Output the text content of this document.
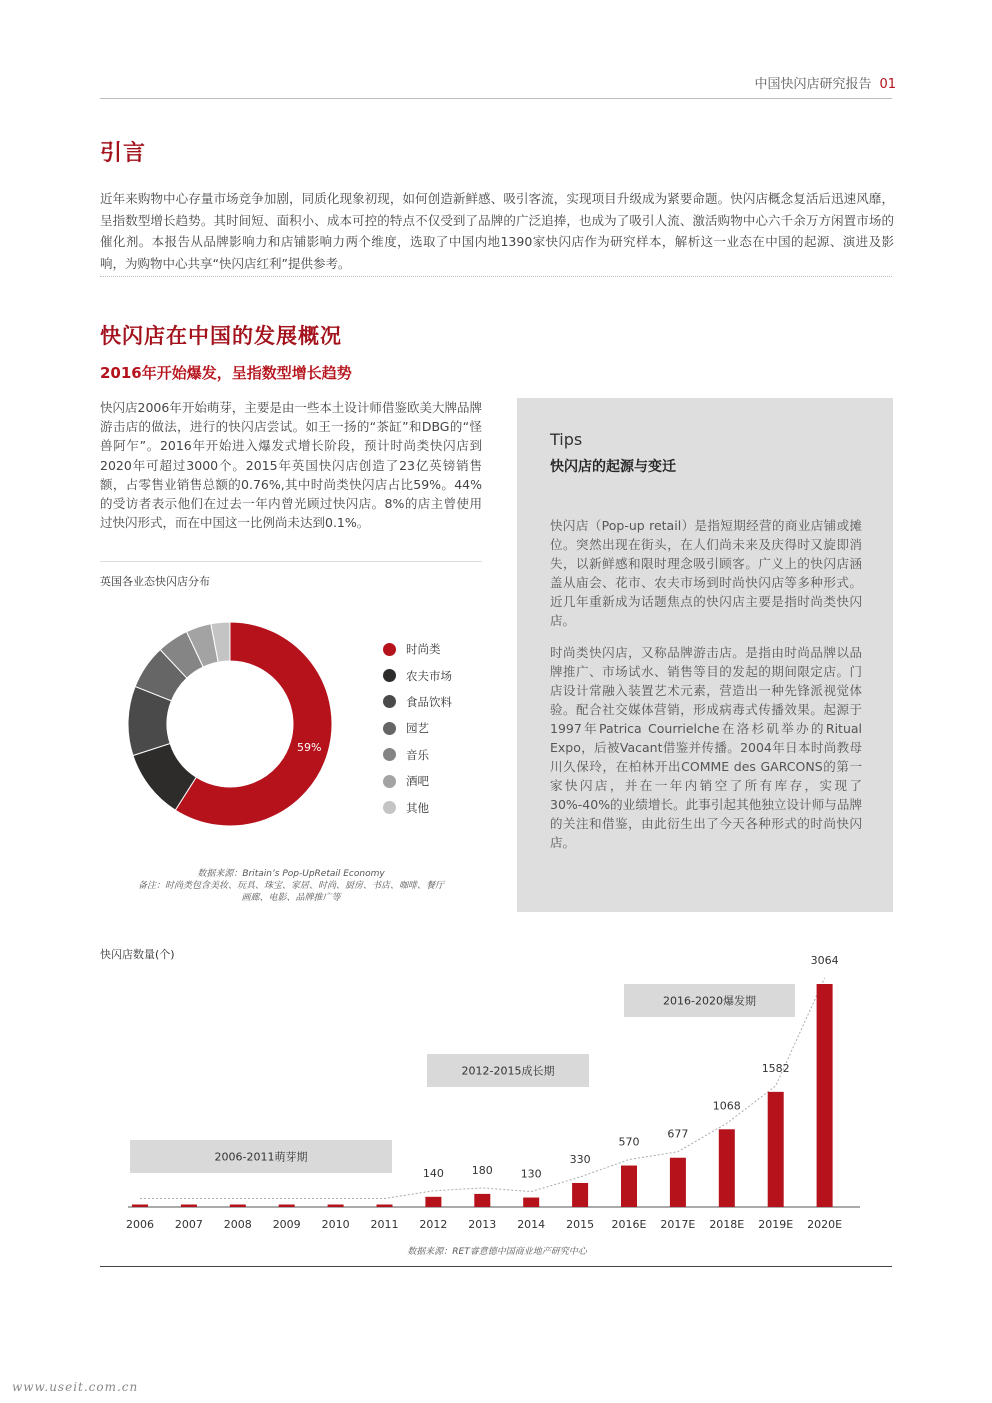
中国快闪店研究报告 01
引言
近年来购物中心存量市场竞争加剧，同质化现象初现，如何创造新鲜感、吸引客流，实现项目升级成为紧要命题。快闪店概念复活后迅速风靡，呈指数型增长趋势。其时间短、面积小、成本可控的特点不仅受到了品牌的广泛追捧，也成为了吸引人流、激活购物中心六千余万方闲置市场的催化剂。本报告从品牌影响力和店铺影响力两个维度，选取了中国内地1390家快闪店作为研究样本，解析这一业态在中国的起源、演进及影响，为购物中心共享“快闪店红利”提供参考。
快闪店在中国的发展概况
2016年开始爆发，呈指数型增长趋势
快闪店2006年开始萌芽，主要是由一些本土设计师借鉴欧美大牌品牌游击店的做法，进行的快闪店尝试。如王一扬的“茶缸”和DBG的“怪兽阿乍”。2016年开始进入爆发式增长阶段，预计时尚类快闪店到2020年可超过3000个。2015年英国快闪店创造了23亿英镑销售额，占零售业销售总额的0.76%,其中时尚类快闪店占比59%。44%的受访者表示他们在过去一年内曾光顾过快闪店。8%的店主曾使用过快闪形式，而在中国这一比例尚未达到0.1%。
英国各业态快闪店分布
59%
时尚类
农夫市场
食品饮料
园艺
音乐
酒吧
其他
数据来源：Britain’s Pop-UpRetail Economy
备注：时尚类包含美妆、玩具、珠宝、家居、时尚、厨房、书店、咖啡、餐厅
画廊、电影、品牌推广等
Tips
快闪店的起源与变迁
快闪店（Pop-up retail）是指短期经营的商业店铺或摊位。突然出现在街头，在人们尚未来及庆得时又旋即消失，以新鲜感和限时理念吸引顾客。广义上的快闪店涵盖从庙会、花市、农夫市场到时尚快闪店等多种形式。近几年重新成为话题焦点的快闪店主要是指时尚类快闪店。
时尚类快闪店，又称品牌游击店。是指由时尚品牌以品牌推广、市场试水、销售等目的发起的期间限定店。门店设计常融入装置艺术元素，营造出一种先锋派视觉体验。配合社交媒体营销，形成病毒式传播效果。起源于1997年Patrica Courrielche在洛杉矶举办的Ritual Expo，后被Vacant借鉴并传播。2004年日本时尚教母川久保玲，在柏林开出COMME des GARCONS的第一家快闪店，并在一年内销空了所有库存，实现了30%-40%的业绩增长。此事引起其他独立设计师与品牌的关注和借鉴，由此衍生出了今天各种形式的时尚快闪店。
快闪店数量(个)
2006-2011萌芽期
2012-2015成长期
2016-2020爆发期
2006 2007 2008 2009 2010 2011 2012
140
2013
180
2014
130
2015
330
2016E
570
2017E
677
2018E
1068
2019E
1582
2020E
3064
数据来源：RET睿意德中国商业地产研究中心
www.useit.com.cn
